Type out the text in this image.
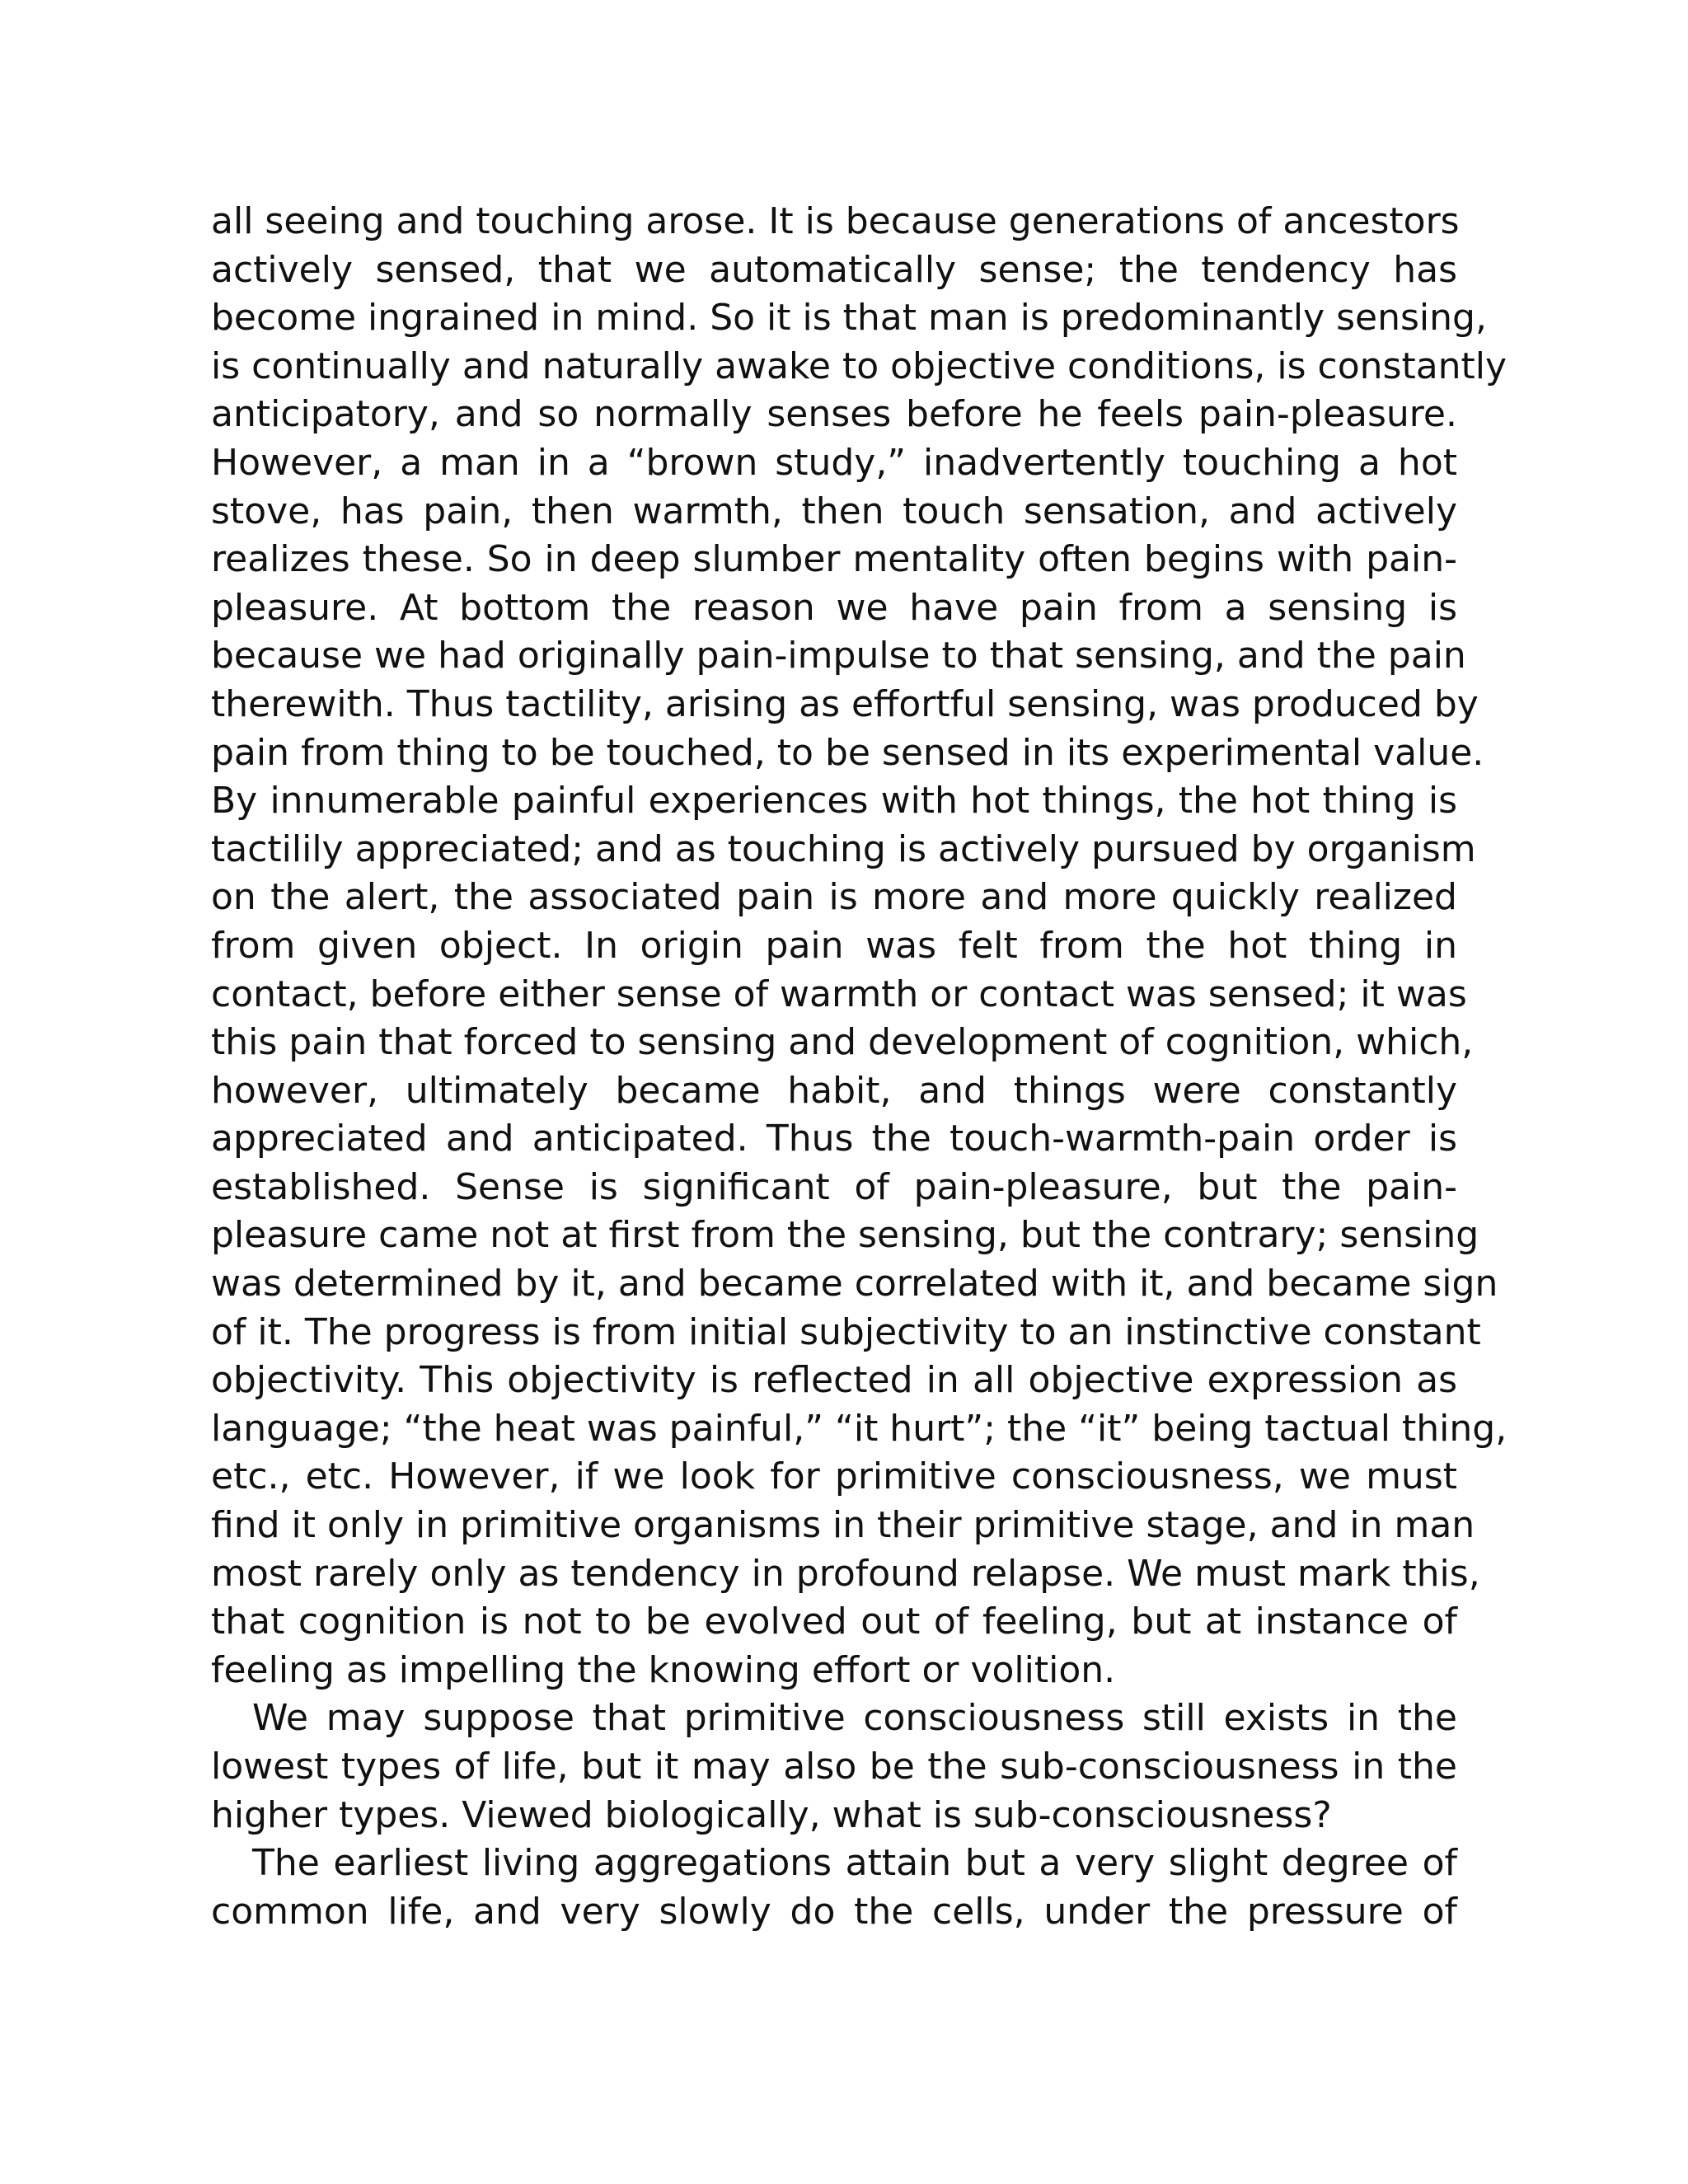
all seeing and touching arose. It is because generations of ancestors
actively sensed, that we automatically sense; the tendency has
become ingrained in mind. So it is that man is predominantly sensing,
is continually and naturally awake to objective conditions, is constantly
anticipatory, and so normally senses before he feels pain-pleasure.
However, a man in a “brown study,” inadvertently touching a hot
stove, has pain, then warmth, then touch sensation, and actively
realizes these. So in deep slumber mentality often begins with pain-
pleasure. At bottom the reason we have pain from a sensing is
because we had originally pain-impulse to that sensing, and the pain
therewith. Thus tactility, arising as effortful sensing, was produced by
pain from thing to be touched, to be sensed in its experimental value.
By innumerable painful experiences with hot things, the hot thing is
tactilily appreciated; and as touching is actively pursued by organism
on the alert, the associated pain is more and more quickly realized
from given object. In origin pain was felt from the hot thing in
contact, before either sense of warmth or contact was sensed; it was
this pain that forced to sensing and development of cognition, which,
however, ultimately became habit, and things were constantly
appreciated and anticipated. Thus the touch-warmth-pain order is
established. Sense is significant of pain-pleasure, but the pain-
pleasure came not at first from the sensing, but the contrary; sensing
was determined by it, and became correlated with it, and became sign
of it. The progress is from initial subjectivity to an instinctive constant
objectivity. This objectivity is reflected in all objective expression as
language; “the heat was painful,” “it hurt”; the “it” being tactual thing,
etc., etc. However, if we look for primitive consciousness, we must
find it only in primitive organisms in their primitive stage, and in man
most rarely only as tendency in profound relapse. We must mark this,
that cognition is not to be evolved out of feeling, but at instance of
feeling as impelling the knowing effort or volition.
We may suppose that primitive consciousness still exists in the
lowest types of life, but it may also be the sub-consciousness in the
higher types. Viewed biologically, what is sub-consciousness?
The earliest living aggregations attain but a very slight degree of
common life, and very slowly do the cells, under the pressure of
